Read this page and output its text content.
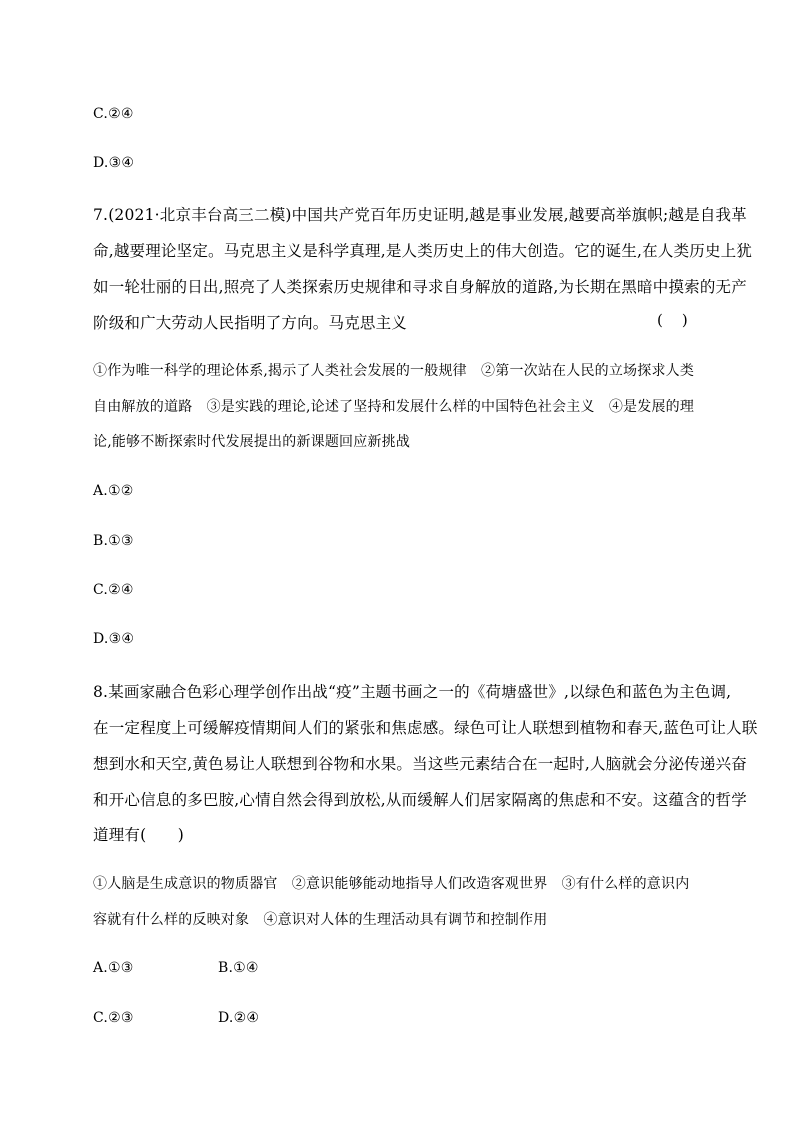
C.②④
D.③④
7.(2021·北京丰台高三二模)中国共产党百年历史证明,越是事业发展,越要高举旗帜;越是自我革
命,越要理论坚定。马克思主义是科学真理,是人类历史上的伟大创造。它的诞生,在人类历史上犹
如一轮壮丽的日出,照亮了人类探索历史规律和寻求自身解放的道路,为长期在黑暗中摸索的无产
阶级和广大劳动人民指明了方向。马克思主义	(    )
①作为唯一科学的理论体系,揭示了人类社会发展的一般规律　②第一次站在人民的立场探求人类
自由解放的道路　③是实践的理论,论述了坚持和发展什么样的中国特色社会主义　④是发展的理
论,能够不断探索时代发展提出的新课题回应新挑战
A.①②
B.①③
C.②④
D.③④
8.某画家融合色彩心理学创作出战“疫”主题书画之一的《荷塘盛世》,以绿色和蓝色为主色调,
在一定程度上可缓解疫情期间人们的紧张和焦虑感。绿色可让人联想到植物和春天,蓝色可让人联
想到水和天空,黄色易让人联想到谷物和水果。当这些元素结合在一起时,人脑就会分泌传递兴奋
和开心信息的多巴胺,心情自然会得到放松,从而缓解人们居家隔离的焦虑和不安。这蕴含的哲学
道理有(　　)
①人脑是生成意识的物质器官　②意识能够能动地指导人们改造客观世界　③有什么样的意识内
容就有什么样的反映对象　④意识对人体的生理活动具有调节和控制作用
A.①③	B.①④
C.②③	D.②④
